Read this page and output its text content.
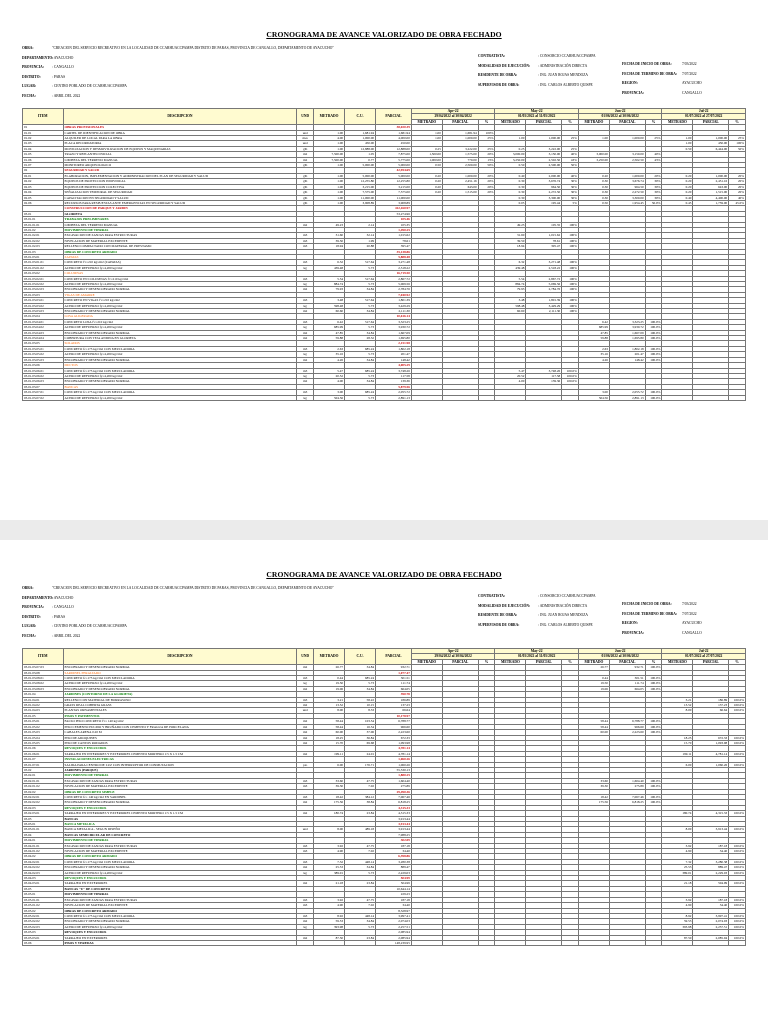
CRONOGRAMA DE AVANCE VALORIZADO DE OBRA FECHADO
OBRA:	"CREACION DEL SERVICIO RECREATIVO EN LA LOCALIDAD DE CCARHUACCPAMPA DISTRITO DE PARAS, PROVINCIA DE CANGALLO, DEPARTAMENTO DE AYACUCHO"
DEPARTAMENTO:: AYACUCHO
PROVINCIA: : CANGALLO
DISTRITO:	: PARAS
LUGAR:	: CENTRO POBLADO DE CCARHUACCPAMPA
FECHA:	: ABRIL DEL 2022
CONTRATISTA:	: CONSORCIO CCARHUACCPAMPA
MODALIDAD DE EJECUCIÓN: : ADMINISTRACIÓN DIRECTA
RESIDENTE DE OBRA:	: ING. JUAN ROJAS MENDOZA
SUPERVISOR DE OBRA:	: ING. CARLOS ALBERTO QUISPE
FECHA DE INICIO DE OBRA:	7/03/2022
FECHA DE TERMINO DE OBRA: 7/07/2022
REGION:	AYACUCHO
PROVINCIA:	CANGALLO
ITEM	DESCRIPCION	UND	METRADO	C.U.	PARCIAL	Apr-22			May-22			Jun-22			Jul-22		
						29/04/2022 al 30/04/2022			01/05/2022 al 31/05/2022			01/06/2022 al 30/06/2022			01/07/2022 al 27/07/2022		
						METRADO	PARCIAL	%	METRADO	PARCIAL	%	METRADO	PARCIAL	%	METRADO	PARCIAL	%
01	OBRAS PROVISIONALES				38,020.39												
01.01	CARTEL DE IDENTIFICACION DE OBRA	und	1.00	1,681.94	1,681.94	1.00	1,681.94	100%									
01.02	ALQUILER DE LOCAL PARA LA OBRA	mes	4.00	1,000.00	4,000.00	1.00	1,000.00	25%	1.00	1,000.00	25%	1.00	1,000.00	25%	1.00	1,000.00	25%
01.03	PLACA RECORDATORIA	und	1.00	450.00	450.00										1.00	450.00	100%
01.04	MOVILIZACION Y DESMOVILIZACION DE EQUIPOS Y MAQUINARIAS	glb	1.00	12,888.00	12,888.00	0.25	3,222.00	25%	0.25	3,222.00	25%				0.50	6,444.00	50%
01.05	TRAZO Y REPLANTEO INICIAL	m2	7,500.00	1.05	7,875.00	1,500.00	1,575.00	20%	3,000.00	3,150.00	40%	3,000.00	3,150.00	40%			
01.06	LIMPIEZA DEL TERRENO MANUAL	m2	7,500.00	0.77	5,775.00	1,000.00	770.00	13%	3,250.00	2,502.50	43%	3,250.00	2,502.50	43%			
01.07	MONITOREO ARQUEOLOGICO	glb	1.00	5,000.00	5,000.00	0.50	2,500.00	50%	0.50	2,500.00	50%						
02	SEGURIDAD Y SALUD				42,954.69												
02.01	ELABORACION, IMPLEMENTACION Y ADMINISTRACION DEL PLAN DE SEGURIDAD Y SALUD	glb	1.00	5,000.00	5,000.00	0.20	1,000.00	20%	0.40	2,000.00	40%	0.20	1,000.00	20%	0.20	1,000.00	20%
02.02	EQUIPOS DE PROTECCION INDIVIDUAL	glb	1.00	12,255.80	12,255.80	0.20	2,451.16	20%	0.30	3,676.74	30%	0.30	3,676.74	30%	0.20	2,451.16	20%
02.03	EQUIPOS DE PROTECCION COLECTIVA	glb	1.00	3,215.00	3,215.00	0.20	643.00	20%	0.30	964.50	30%	0.30	964.50	30%	0.20	643.00	20%
02.04	SEÑALIZACION TEMPORAL DE SEGURIDAD	glb	1.00	7,575.00	7,575.00	0.20	1,515.00	20%	0.30	2,272.50	30%	0.30	2,272.50	30%	0.20	1,515.00	20%
02.05	CAPACITACION EN SEGURIDAD Y SALUD	glb	1.00	11,000.00	11,000.00				0.30	3,300.00	30%	0.30	3,300.00	30%	0.40	4,400.00	40%
02.06	RECURSOS PARA RESPUESTAS ANTE EMERGENCIAS EN SEGURIDAD Y SALUD	glb	1.00	3,908.89	3,908.89				0.05	195.44	5%	0.50	1,954.45	50.0%	0.45	1,759.00	45.0%
	CONSTRUCCION DE PARQUE Y JARDIN				412,160.97												
03.01	GLORIETA				53,274.96												
03.01.01	TRABAJOS PRELIMINARES				105.46												
03.01.01.01	LIMPIEZA DEL TERRENO MANUAL	m2	49.23	2.14	105.35				49.23	105.35	100%						
03.01.02	MOVIMIENTO DE TIERRAS				1,490.25												
03.01.02.01	EXCAVACION DE ZANJAS PARA ESTRUCTURAS	m3	31.60	32.14	1,015.62				31.60	1,015.62	100%						
03.01.02.02	NIVELACION DE MATERIAL EXCEDENTE	m3	39.50	1.99	78.61				39.50	78.61	100%						
03.01.02.03	RELLENO COMPACTADO CON MATERIAL DE PRESTAMO	m3	18.94	20.88	395.47				18.94	395.47	100%						
03.01.03	OBRAS DE CONCRETO ARMADO				35,138.86												
03.01.03.01	ZAPATAS				5,888.48												
03.01.03.01.01	CONCRETO f'c=210 kg/cm2 (ZAPATAS)	m3	6.32	517.64	3,271.48				6.32	3,271.48	100%						
03.01.03.01.02	ACERO DE REFUERZO fy=4,200 kg/cm2	kg	439.48	5.73	2,518.22				439.48	2,518.22	100%						
03.01.03.02	COLUMNAS				16,719.50												
03.01.03.02.01	CONCRETO EN COLUMNAS f'c=210 kg/cm2	m3	5.54	517.64	2,867.72				5.54	2,867.72	100%						
03.01.03.02.02	ACERO DE REFUERZO fy=4,200 kg/cm2	kg	884.74	5.73	5,069.56				884.74	5,069.56	100%						
03.01.03.02.03	ENCOFRADO Y DESENCOFRADO NORMAL	m2	79.93	34.84	2,784.76				79.93	2,784.76	100%						
03.01.03.03	VIGAS DE AMARRE				7,040.92												
03.01.03.03.01	CONCRETO EN VIGAS f'c=210 kg/cm2	m3	3.48	517.64	1,801.39				3.48	1,801.39	100%						
03.01.03.03.02	ACERO DE REFUERZO fy=4,200 kg/cm2	kg	598.48	5.73	3,429.29				598.48	3,429.29	100%						
03.01.03.03.03	ENCOFRADO Y DESENCOFRADO NORMAL	m2	60.60	34.84	2,111.30				60.60	2,111.30	100%						
03.01.03.04	LOSA ALIGERADA				10,616.14												
03.01.03.04.01	CONCRETO LOSA f'c=210 kg/cm2	m3	6.42	517.64	3,323.25							6.42	3,323.25	100.0%			
03.01.03.04.02	ACERO DE REFUERZO fy=4,200 kg/cm2	kg	685.99	5.73	3,930.72							685.99	3,930.72	100.0%			
03.01.03.04.03	ENCOFRADO Y DESENCOFRADO NORMAL	m2	47.85	34.84	1,667.09							47.85	1,667.09	100.0%			
03.01.03.04.04	COBERTURA CON TEJA ANDINA EN GLORIETA	m2	59.88	28.32	1,695.80							59.88	1,695.80	100.0%			
03.01.03.05	SOLADOS				2,151.98												
03.01.03.05.01	CONCRETO fc=175 kg/cm2 CON MEZCLADORA	m3	2.63	685.24	1,802.18							2.63	1,802.18	100.0%			
03.01.03.05.02	ACERO DE REFUERZO fy=4,200 kg/cm2	kg	35.16	5.73	201.47							35.16	201.47	100.0%			
03.01.03.05.03	ENCOFRADO Y DESENCOFRADO NORMAL	m2	4.26	34.84	148.42							4.26	148.42	100.0%			
03.01.03.06	DUCTOS				4,005.29												
03.01.03.06.01	CONCRETO fc=175 kg/cm2 CON MEZCLADORA	m3	5.47	685.24	3,748.26				5.47	3,748.26	100.0%						
03.01.03.06.02	ACERO DE REFUERZO fy=4,200 kg/cm2	kg	20.52	5.73	117.58				20.52	117.58	100.0%						
03.01.03.06.03	ENCOFRADO Y DESENCOFRADO NORMAL	m2	4.00	34.84	139.36				4.00	139.36	100.0%						
03.01.03.07	BANCAS				5,879.56												
03.01.03.07.01	CONCRETO fc=175 kg/cm2 CON MEZCLADORA	m3	3.00	685.24	2,055.72							3.00	2,055.72	100.0%			
03.01.03.07.02	ACERO DE REFUERZO fy=4,200 kg/cm2	kg	504.56	5.73	2,891.13							504.56	2,891.13	100.0%			
CRONOGRAMA DE AVANCE VALORIZADO DE OBRA FECHADO
OBRA:	"CREACION DEL SERVICIO RECREATIVO EN LA LOCALIDAD DE CCARHUACCPAMPA DISTRITO DE PARAS, PROVINCIA DE CANGALLO, DEPARTAMENTO DE AYACUCHO"
DEPARTAMENTO:: AYACUCHO
PROVINCIA: : CANGALLO
DISTRITO:	: PARAS
LUGAR:	: CENTRO POBLADO DE CCARHUACCPAMPA
FECHA:	: ABRIL DEL 2022
CONTRATISTA:	: CONSORCIO CCARHUACCPAMPA
MODALIDAD DE EJECUCIÓN: : ADMINISTRACIÓN DIRECTA
RESIDENTE DE OBRA:	: ING. JUAN ROJAS MENDOZA
SUPERVISOR DE OBRA:	: ING. CARLOS ALBERTO QUISPE
FECHA DE INICIO DE OBRA:	7/03/2022
FECHA DE TERMINO DE OBRA: 7/07/2022
REGION:	AYACUCHO
PROVINCIA:	CANGALLO
ITEM	DESCRIPCION	UND	METRADO	C.U.	PARCIAL	Apr-22			May-22			Jun-22			Jul-22		
						29/04/2022 al 30/04/2022			01/05/2022 al 31/05/2022			01/06/2022 al 30/06/2022			01/07/2022 al 27/07/2022		
						METRADO	PARCIAL	%	METRADO	PARCIAL	%	METRADO	PARCIAL	%	METRADO	PARCIAL	%
03.01.03.07.03	ENCOFRADO Y DESENCOFRADO NORMAL	m2	26.77	34.84	932.71							26.77	932.71	100.0%			
03.01.03.08	SARDINEL PERALTADO				1,077.47												
03.01.03.08.01	CONCRETO fc=175 kg/cm2 CON MEZCLADORA	m3	0.44	685.24	301.51							0.44	301.51	100.0%			
03.01.03.08.02	ACERO DE REFUERZO fy=4,200 kg/cm2	kg	19.50	5.73	111.74							19.50	111.74	100.0%			
03.01.03.08.03	ENCOFRADO Y DESENCOFRADO NORMAL	m2	19.06	34.84	664.05							19.06	664.05	100.0%			
03.01.04	JARDINES (CONTORNO DE LA GLORIETA)				390.78												
03.01.04.01	RELLENO CON MATERIAL DE BORRASOSO	m3	3.21	58.22	186.89										3.21	186.89	100.0%
03.01.04.02	GRASS REAL COBERTA GRASS	m2	13.52	10.15	137.23										13.52	137.23	100.0%
03.01.04.03	PLANTAS ORNAMENTALES	und	8.00	8.33	66.64										8.00	66.64	100.0%
03.01.05	PISOS Y PAVIMENTOS				10,178.97												
03.01.05.01	FALSO PISO CONCRETO f'c= 140 kg/cm2	m2	58.44	103.54	6,788.77							58.44	6,788.77	100.0%			
03.01.05.02	PISO CEMENTO PULIDO Y BRUÑADO CON CEMENTO Y FRAGUA DE PORCELANA	m2	58.44	16.54	966.60							58.44	966.60	100.0%			
03.01.05.03	CABALES ARENA 0.20 M	m2	60.00	37.06	2,223.60							60.00	2,223.60	100.0%			
03.01.05.04	PISO DE ADOQUINES	m2	18.25	36.84	672.33										18.25	672.33	100.0%
03.01.05.05	PISO DE CANTOS RODADOS	m2	15.70	69.68	1,093.98										15.70	1,093.98	100.0%
03.01.06	REVOQUES Y ENLUCIDOS				4,781.14												
03.01.06.01	TARRAJEO EN INTERIORES Y EXTERIORES CEMENTO MORTERO 1:5 X 1.5 CM	m2	199.11	24.01	4,781.14										199.11	4,781.14	100.0%
03.01.07	INSTALACIONES ELECTRICAS				1,060.26												
03.01.07.01	SALIDA PARA CENTRO DE LUZ CON INTERRUPTOR DE CONMUTACION	pto	6.00	176.71	1,060.26										6.00	1,060.26	100.0%
03.02	JARDINES (PARQUE)				55,530.13												
03.02.01	MOVIMIENTO DE TIERRAS				1,880.25												
03.02.01.01	EXCAVACION DE ZANJAS PARA ESTRUCTURAS	m3	33.60	47.75	1,604.40							33.60	1,604.40	100.0%			
03.02.01.02	NIVELACION DE MATERIAL EXCEDENTE	m3	39.30	7.02	275.89							39.30	275.89	100.0%			
03.02.02	OBRAS DE CONCRETO SIMPLE				29,490.36												
03.02.02.01	CONCRETO fc= 140 kg/cm2 EN SARDINEL	m3	18.42	384.12	7,067.46							18.42	7,067.46	100.0%			
03.02.02.02	ENCOFRADO Y DESENCOFRADO NORMAL	m2	175.56	38.84	6,818.25							175.56	6,818.25	100.0%			
03.02.03	REVOQUES Y ENLUCIDOS				4,315.33												
03.02.03.01	TARRAJEO EN INTERIORES Y EXTERIORES CEMENTO MORTERO 1:5 X 1.5 CM	m2	180.74	23.84	4,315.33										180.74	4,315.33	100.0%
03.03	BANCAS				3,913.44												
03.03.01	BANCA METALICA				3,913.44												
03.03.01.01	BANCA METALICA - SEGUN DISEÑO	und	8.00	489.18	3,913.44										8.00	3,913.44	100.0%
03.04	BANCAS SEMICIRCULAR DE CONCRETO				7,988.25												
03.04.01	MOVIMIENTO DE TIERRAS				302.09												
03.04.01.01	EXCAVACION DE ZANJAS PARA ESTRUCTURAS	m3	3.92	47.75	187.18										3.92	187.18	100.0%
03.04.01.02	NIVELACION DE MATERIAL EXCEDENTE	m3	4.90	7.02	34.40										4.90	34.40	100.0%
03.04.02	OBRAS DE CONCRETO ARMADO				6,398.86												
03.04.02.01	CONCRETO fc=175 kg/cm2 CON MEZCLADORA	m3	7.32	448.14	3,280.38										7.32	3,280.38	100.0%
03.04.02.02	ENCOFRADO Y DESENCOFRADO NORMAL	m2	25.53	34.84	889.47										25.53	889.47	100.0%
03.04.02.03	ACERO DE REFUERZO fy=4,200 kg/cm2	kg	389.01	5.73	2,229.03										389.01	2,229.03	100.0%
03.04.03	REVOQUES Y ENLUCIDOS				504.99												
03.04.03.01	TARRAJEO EN EXTERIORES	m2	21.18	23.84	504.99										21.18	504.99	100.0%
03.05	BANCAS "U" DE CONCRETO				10,644.14												
03.05.01	MOVIMIENTO DE TIERRAS				229.23												
03.05.01.01	EXCAVACION DE ZANJAS PARA ESTRUCTURAS	m3	3.92	47.75	187.18										3.92	187.18	100.0%
03.05.01.02	NIVELACION DE MATERIAL EXCEDENTE	m3	4.90	7.02	34.40										4.90	34.40	100.0%
03.05.02	OBRAS DE CONCRETO ARMADO				8,328.97												
03.05.02.01	CONCRETO fc=175 kg/cm2 CON MEZCLADORA	m3	8.92	448.14	3,997.41										8.92	3,997.41	100.0%
03.05.02.02	ENCOFRADO Y DESENCOFRADO NORMAL	m2	59.53	34.84	2,074.03										59.53	2,074.03	100.0%
03.05.02.03	ACERO DE REFUERZO fy=4,200 kg/cm2	kg	393.98	5.73	2,257.51										393.98	2,257.51	100.0%
03.05.03	REVOQUES Y ENLUCIDOS				2,085.94												
03.05.03.01	TARRAJEO EN EXTERIORES	m2	87.50	23.84	2,085.94										87.50	2,085.94	100.0%
03.06	PISOS Y VEREDAS				148,239.95												
